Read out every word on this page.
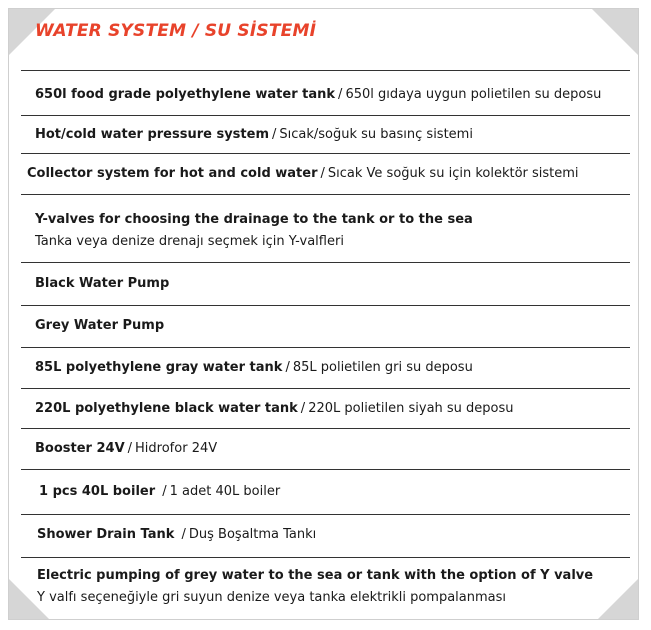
WATER SYSTEM / SU SİSTEMİ
650l food grade polyethylene water tank / 650l gıdaya uygun polietilen su deposu
Hot/cold water pressure system / Sıcak/soğuk su basınç sistemi
Collector system for hot and cold water / Sıcak Ve soğuk su için kolektör sistemi
Y-valves for choosing the drainage to the tank or to the sea
Tanka veya denize drenajı seçmek için Y-valfleri
Black Water Pump
Grey Water Pump
85L polyethylene gray water tank / 85L polietilen gri su deposu
220L polyethylene black water tank / 220L polietilen siyah su deposu
Booster 24V / Hidrofor 24V
1 pcs 40L boiler / 1 adet 40L boiler
Shower Drain Tank / Duş Boşaltma Tankı
Electric pumping of grey water to the sea or tank with the option of Y valve
Y valfı seçeneğiyle gri suyun denize veya tanka elektrikli pompalanması
